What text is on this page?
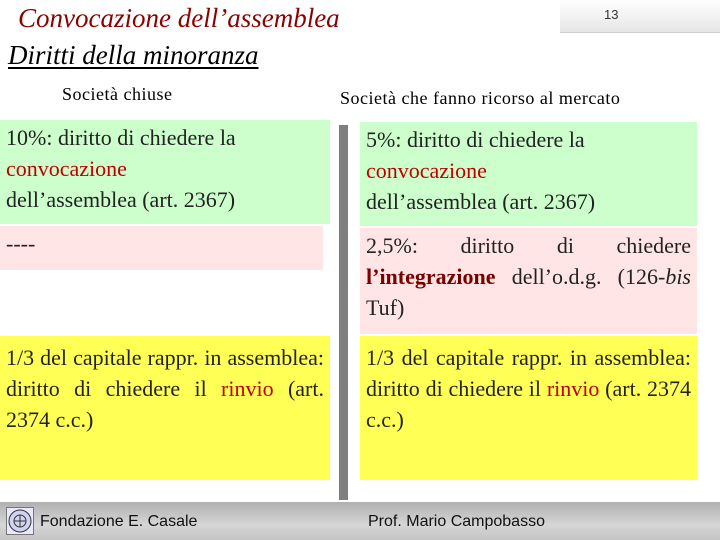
13
Convocazione dell’assemblea
Diritti della minoranza
Società chiuse	Società che fanno ricorso al mercato
10%: diritto di chiedere la
convocazione
dell’assemblea (art. 2367)
----
1/3 del capitale rappr. in assemblea: diritto di chiedere il rinvio (art. 2374 c.c.)
5%: diritto di chiedere la
convocazione
dell’assemblea (art. 2367)
2,5%: diritto di chiedere l’integrazione dell’o.d.g. (126-bis Tuf)
1/3 del capitale rappr. in assemblea: diritto di chiedere il rinvio (art. 2374 c.c.)
Fondazione E. Casale	Prof. Mario Campobasso
